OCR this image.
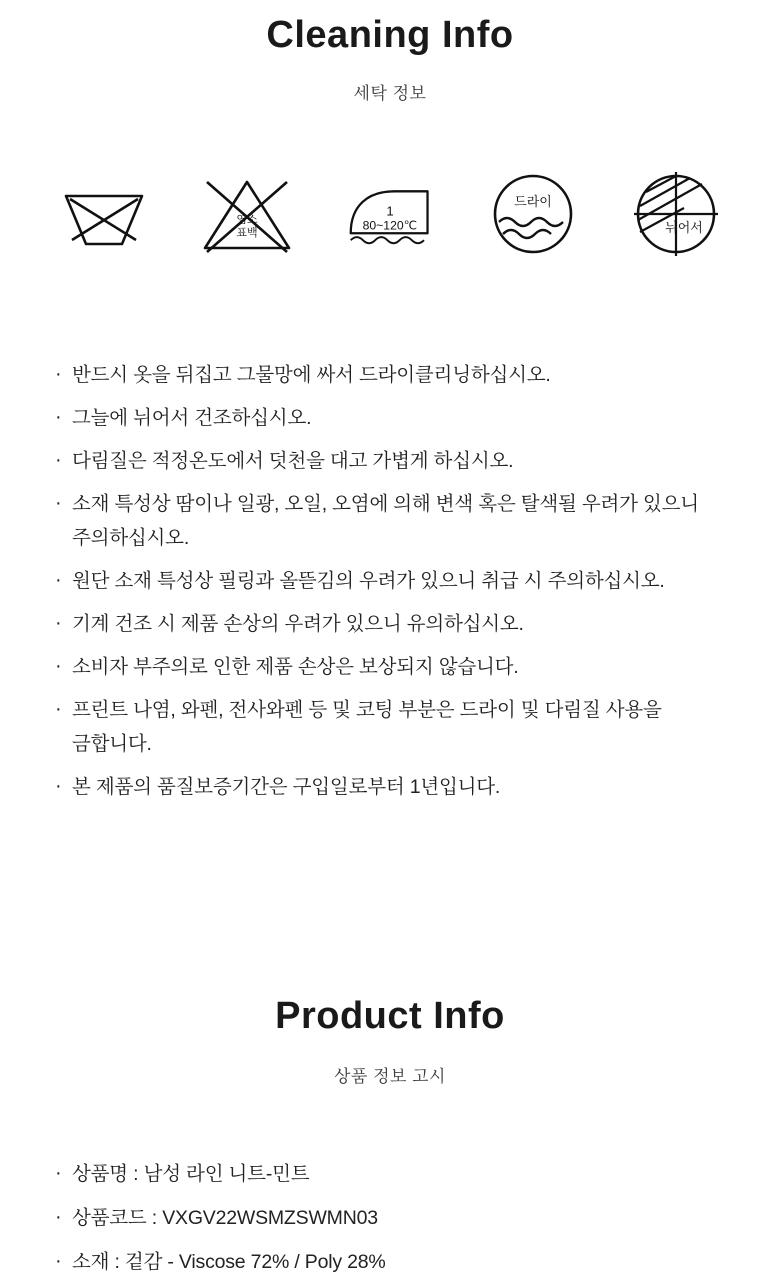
Cleaning Info
세탁 정보
염소
표백
1
80~120℃
드라이
뉘어서
· 반드시 옷을 뒤집고 그물망에 싸서 드라이클리닝하십시오.
· 그늘에 뉘어서 건조하십시오.
· 다림질은 적정온도에서 덧천을 대고 가볍게 하십시오.
· 소재 특성상 땀이나 일광, 오일, 오염에 의해 변색 혹은 탈색될 우려가 있으니 주의하십시오.
· 원단 소재 특성상 필링과 올뜯김의 우려가 있으니 취급 시 주의하십시오.
· 기계 건조 시 제품 손상의 우려가 있으니 유의하십시오.
· 소비자 부주의로 인한 제품 손상은 보상되지 않습니다.
· 프린트 나염, 와펜, 전사와펜 등 및 코팅 부분은 드라이 및 다림질 사용을 금합니다.
· 본 제품의 품질보증기간은 구입일로부터 1년입니다.
Product Info
상품 정보 고시
· 상품명 : 남성 라인 니트-민트
· 상품코드 : VXGV22WSMZSWMN03
· 소재 : 겉감 - Viscose 72% / Poly 28%
